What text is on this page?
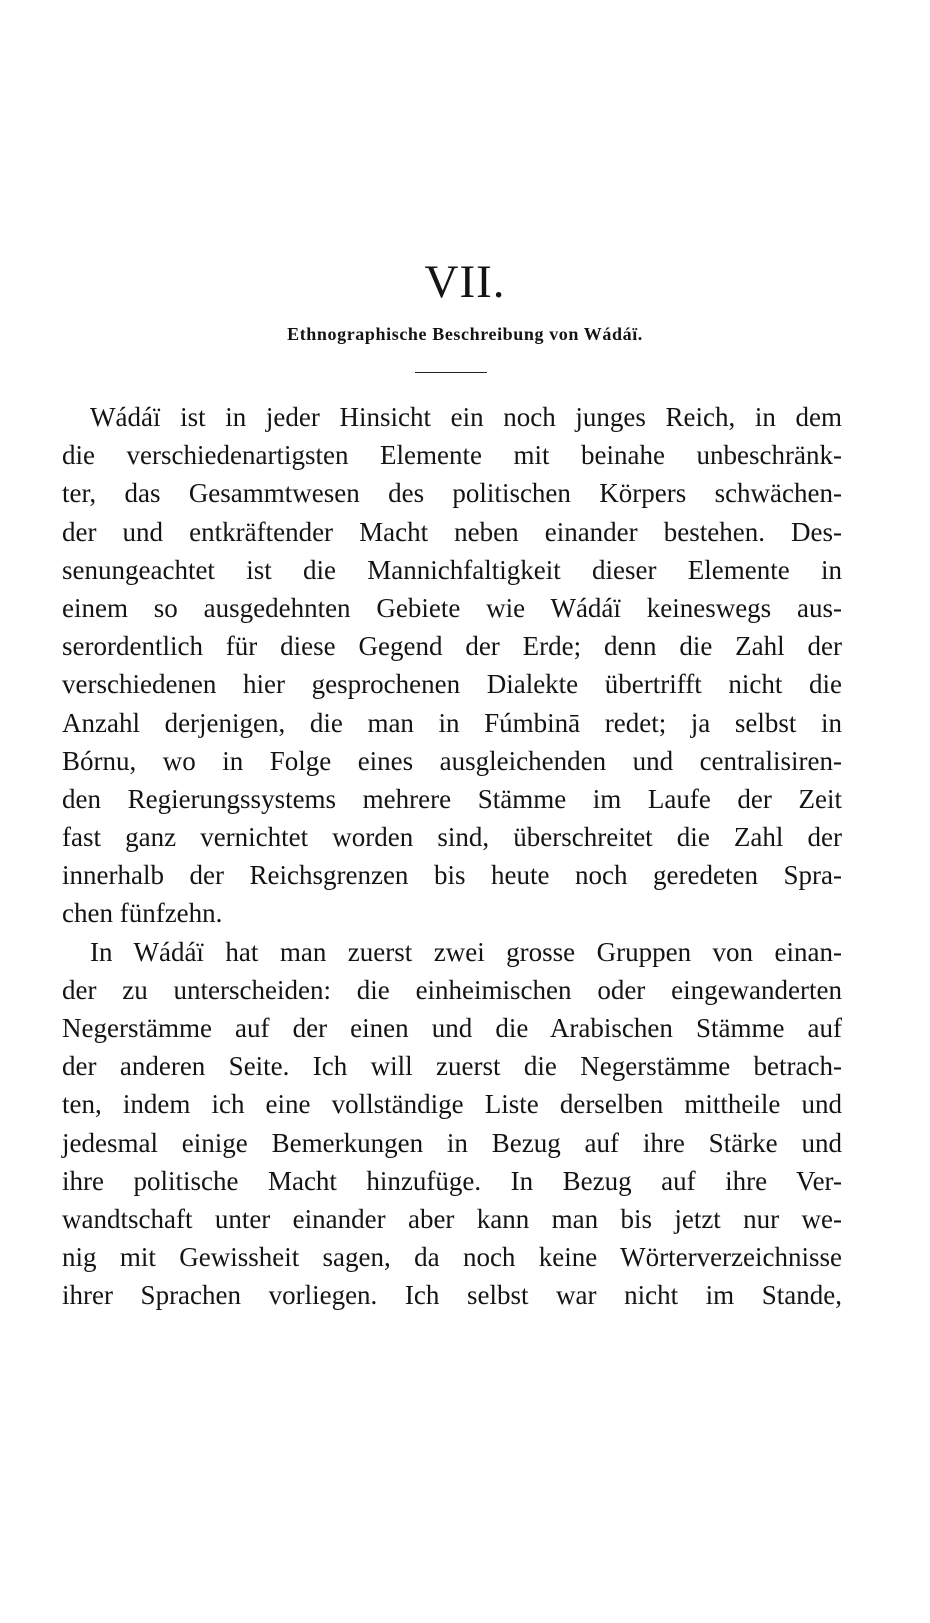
VII.
Ethnographische Beschreibung von Wádáï.
Wádáï ist in jeder Hinsicht ein noch junges Reich, in dem
die verschiedenartigsten Elemente mit beinahe unbeschränk-
ter, das Gesammtwesen des politischen Körpers schwächen-
der und entkräftender Macht neben einander bestehen. Des-
senungeachtet ist die Mannichfaltigkeit dieser Elemente in
einem so ausgedehnten Gebiete wie Wádáï keineswegs aus-
serordentlich für diese Gegend der Erde; denn die Zahl der
verschiedenen hier gesprochenen Dialekte übertrifft nicht die
Anzahl derjenigen, die man in Fúmbinā redet; ja selbst in
Bórnu, wo in Folge eines ausgleichenden und centralisiren-
den Regierungssystems mehrere Stämme im Laufe der Zeit
fast ganz vernichtet worden sind, überschreitet die Zahl der
innerhalb der Reichsgrenzen bis heute noch geredeten Spra-
chen fünfzehn.
In Wádáï hat man zuerst zwei grosse Gruppen von einan-
der zu unterscheiden: die einheimischen oder eingewanderten
Negerstämme auf der einen und die Arabischen Stämme auf
der anderen Seite. Ich will zuerst die Negerstämme betrach-
ten, indem ich eine vollständige Liste derselben mittheile und
jedesmal einige Bemerkungen in Bezug auf ihre Stärke und
ihre politische Macht hinzufüge. In Bezug auf ihre Ver-
wandtschaft unter einander aber kann man bis jetzt nur we-
nig mit Gewissheit sagen, da noch keine Wörterverzeichnisse
ihrer Sprachen vorliegen. Ich selbst war nicht im Stande,
